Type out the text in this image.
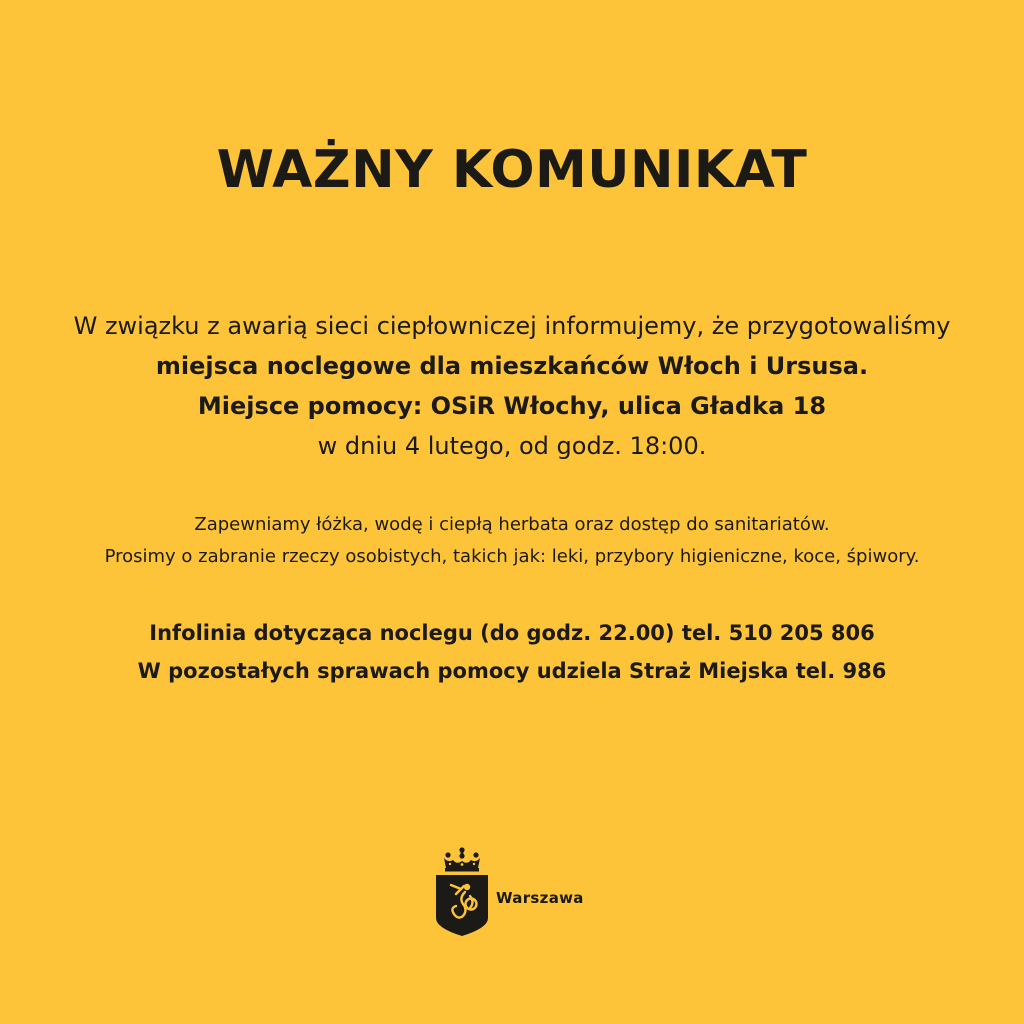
WAŻNY KOMUNIKAT

W związku z awarią sieci ciepłowniczej informujemy, że przygotowaliśmy
miejsca noclegowe dla mieszkańców Włoch i Ursusa.
Miejsce pomocy: OSiR Włochy, ulica Gładka 18
w dniu 4 lutego, od godz. 18:00.

Zapewniamy łóżka, wodę i ciepłą herbata oraz dostęp do sanitariatów.
Prosimy o zabranie rzeczy osobistych, takich jak: leki, przybory higieniczne, koce, śpiwory.

Infolinia dotycząca noclegu (do godz. 22.00) tel. 510 205 806
W pozostałych sprawach pomocy udziela Straż Miejska tel. 986

Warszawa
